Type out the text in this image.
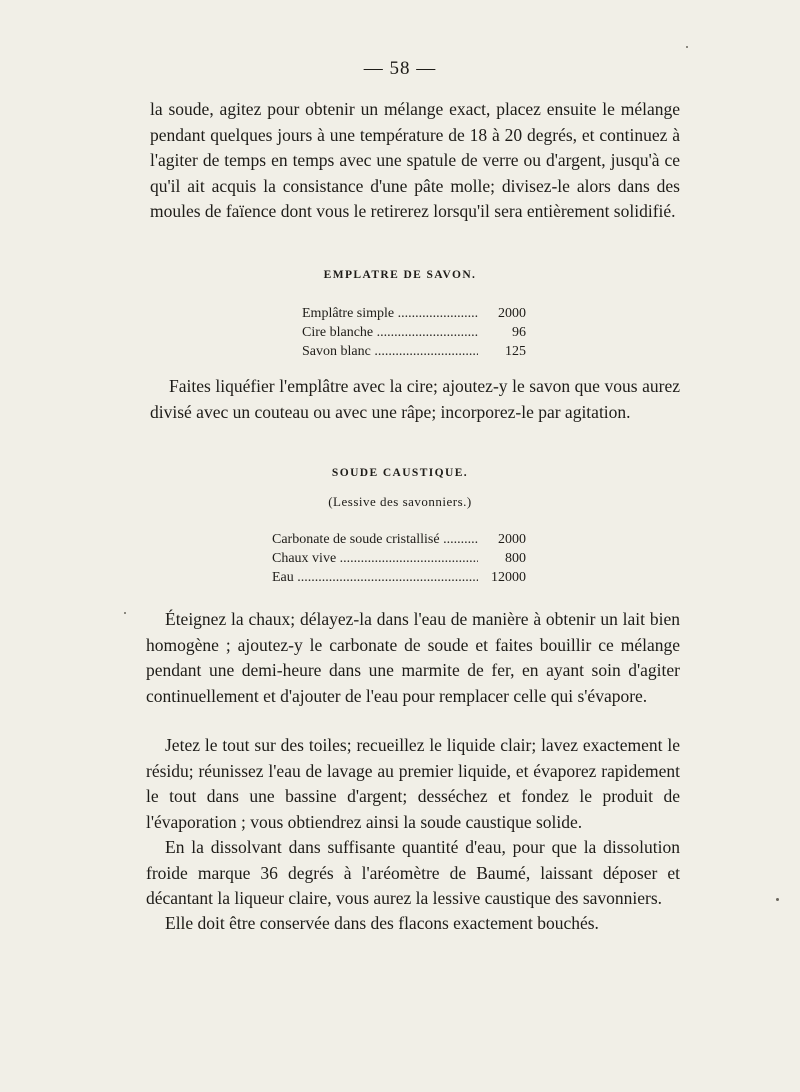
— 58 —

la soude, agitez pour obtenir un mélange exact, placez ensuite le mélange pendant quelques jours à une température de 18 à 20 degrés, et continuez à l'agiter de temps en temps avec une spatule de verre ou d'argent, jusqu'à ce qu'il ait acquis la consistance d'une pâte molle; divisez-le alors dans des moules de faïence dont vous le retirerez lorsqu'il sera entièrement solidifié.

EMPLATRE DE SAVON.
Emplâtre simple .....	2000
Cire blanche .....	96
Savon blanc .....	125

Faites liquéfier l'emplâtre avec la cire; ajoutez-y le savon que vous aurez divisé avec un couteau ou avec une râpe; incorporez-le par agitation.

SOUDE CAUSTIQUE.
(Lessive des savonniers.)
Carbonate de soude cristallisé .....	2000
Chaux vive .....	800
Eau .....	12000

Éteignez la chaux; délayez-la dans l'eau de manière à obtenir un lait bien homogène ; ajoutez-y le carbonate de soude et faites bouillir ce mélange pendant une demi-heure dans une marmite de fer, en ayant soin d'agiter continuellement et d'ajouter de l'eau pour remplacer celle qui s'évapore.

Jetez le tout sur des toiles; recueillez le liquide clair; lavez exactement le résidu; réunissez l'eau de lavage au premier liquide, et évaporez rapidement le tout dans une bassine d'argent; desséchez et fondez le produit de l'évaporation ; vous obtiendrez ainsi la soude caustique solide.

En la dissolvant dans suffisante quantité d'eau, pour que la dissolution froide marque 36 degrés à l'aréomètre de Baumé, laissant déposer et décantant la liqueur claire, vous aurez la lessive caustique des savonniers.

Elle doit être conservée dans des flacons exactement bouchés.
